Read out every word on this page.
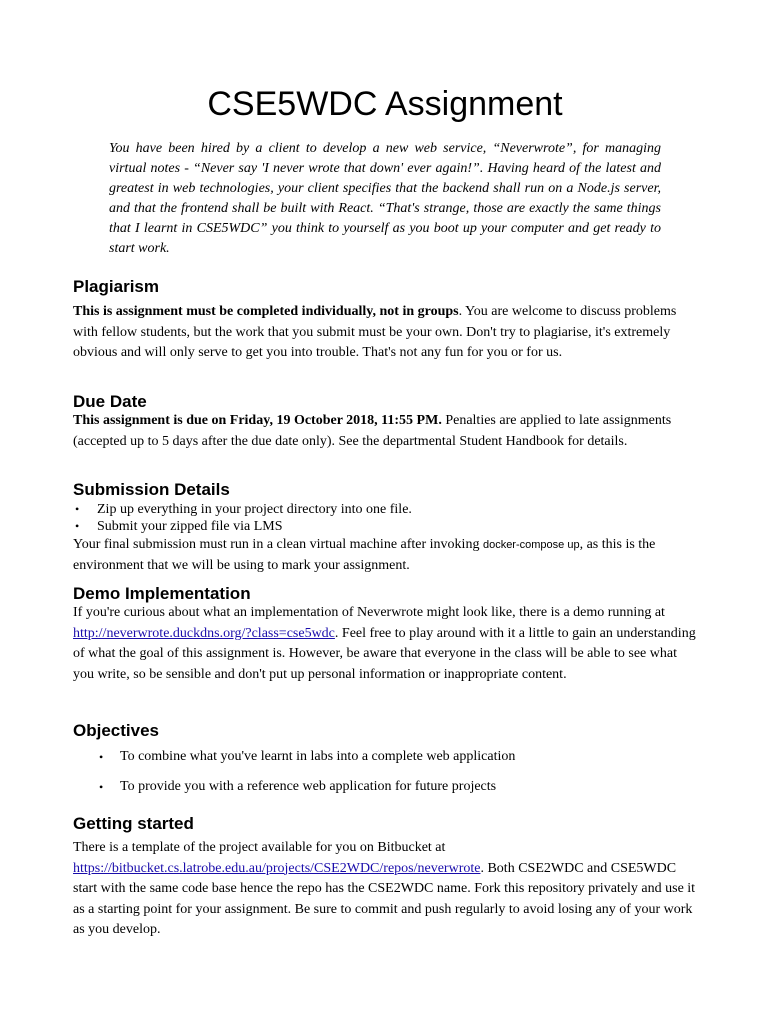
CSE5WDC Assignment

You have been hired by a client to develop a new web service, “Neverwrote”, for managing virtual notes - “Never say 'I never wrote that down' ever again!”. Having heard of the latest and greatest in web technologies, your client specifies that the backend shall run on a Node.js server, and that the frontend shall be built with React. “That's strange, those are exactly the same things that I learnt in CSE5WDC” you think to yourself as you boot up your computer and get ready to start work.

Plagiarism

This is assignment must be completed individually, not in groups. You are welcome to discuss problems with fellow students, but the work that you submit must be your own. Don't try to plagiarise, it's extremely obvious and will only serve to get you into trouble. That's not any fun for you or for us.

Due Date

This assignment is due on Friday, 19 October 2018, 11:55 PM. Penalties are applied to late assignments (accepted up to 5 days after the due date only). See the departmental Student Handbook for details.

Submission Details
• Zip up everything in your project directory into one file.
• Submit your zipped file via LMS

Your final submission must run in a clean virtual machine after invoking docker-compose up, as this is the environment that we will be using to mark your assignment.

Demo Implementation

If you're curious about what an implementation of Neverwrote might look like, there is a demo running at http://neverwrote.duckdns.org/?class=cse5wdc. Feel free to play around with it a little to gain an understanding of what the goal of this assignment is. However, be aware that everyone in the class will be able to see what you write, so be sensible and don't put up personal information or inappropriate content.

Objectives
• To combine what you've learnt in labs into a complete web application
• To provide you with a reference web application for future projects
Getting started

There is a template of the project available for you on Bitbucket at https://bitbucket.cs.latrobe.edu.au/projects/CSE2WDC/repos/neverwrote. Both CSE2WDC and CSE5WDC start with the same code base hence the repo has the CSE2WDC name. Fork this repository privately and use it as a starting point for your assignment. Be sure to commit and push regularly to avoid losing any of your work as you develop.
